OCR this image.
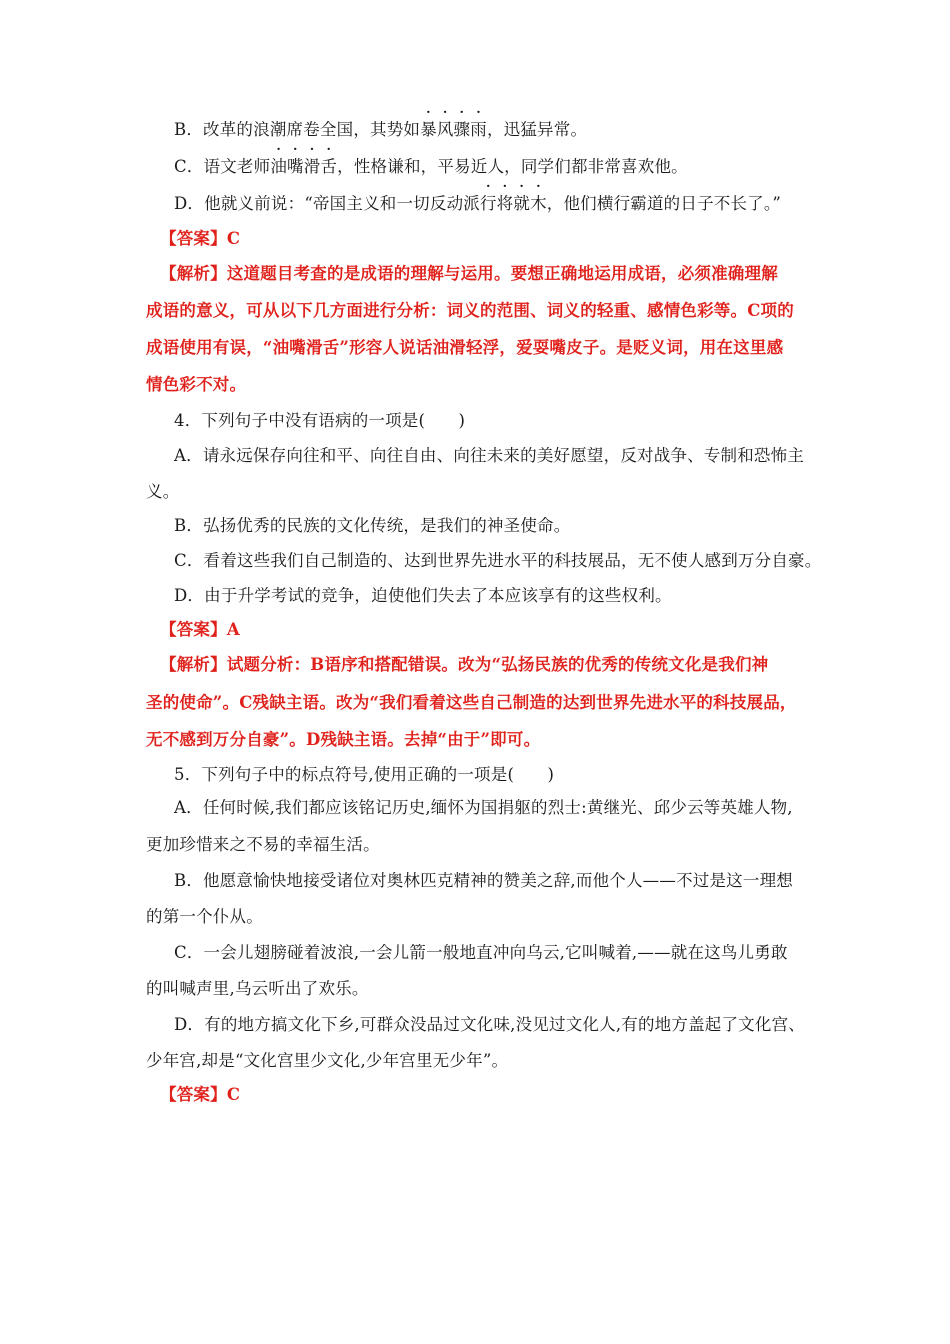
B．改革的浪潮席卷全国，其势如暴风骤雨，迅猛异常。
C．语文老师油嘴滑舌，性格谦和，平易近人，同学们都非常喜欢他。
D．他就义前说：“帝国主义和一切反动派行将就木，他们横行霸道的日子不长了。”
【答案】C
【解析】这道题目考查的是成语的理解与运用。要想正确地运用成语，必须准确理解
成语的意义，可从以下几方面进行分析：词义的范围、词义的轻重、感情色彩等。C项的
成语使用有误，“油嘴滑舌”形容人说话油滑轻浮，爱耍嘴皮子。是贬义词，用在这里感
情色彩不对。
4．下列句子中没有语病的一项是(　　)
A．请永远保存向往和平、向往自由、向往未来的美好愿望，反对战争、专制和恐怖主
义。
B．弘扬优秀的民族的文化传统，是我们的神圣使命。
C．看着这些我们自己制造的、达到世界先进水平的科技展品，无不使人感到万分自豪。
D．由于升学考试的竞争，迫使他们失去了本应该享有的这些权利。
【答案】A
【解析】试题分析：B语序和搭配错误。改为“弘扬民族的优秀的传统文化是我们神
圣的使命”。C残缺主语。改为“我们看着这些自己制造的达到世界先进水平的科技展品，
无不感到万分自豪”。D残缺主语。去掉“由于”即可。
5．下列句子中的标点符号,使用正确的一项是(　　)
A．任何时候,我们都应该铭记历史,缅怀为国捐躯的烈士:黄继光、邱少云等英雄人物,
更加珍惜来之不易的幸福生活。
B．他愿意愉快地接受诸位对奥林匹克精神的赞美之辞,而他个人——不过是这一理想
的第一个仆从。
C．一会儿翅膀碰着波浪,一会儿箭一般地直冲向乌云,它叫喊着,——就在这鸟儿勇敢
的叫喊声里,乌云听出了欢乐。
D．有的地方搞文化下乡,可群众没品过文化味,没见过文化人,有的地方盖起了文化宫、
少年宫,却是“文化宫里少文化,少年宫里无少年”。
【答案】C
